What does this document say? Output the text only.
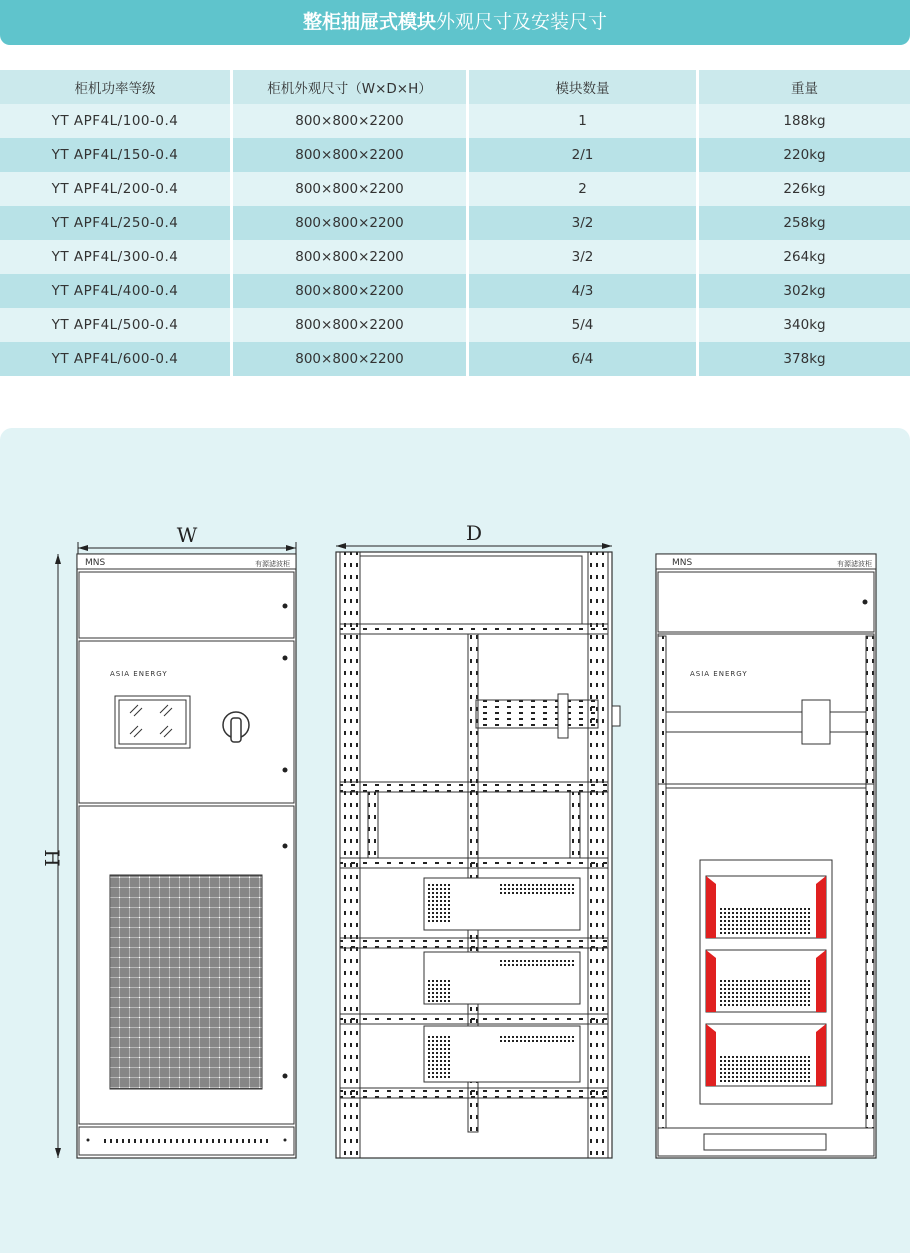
整柜抽屉式模块外观尺寸及安装尺寸
柜机功率等级	柜机外观尺寸（W×D×H）	模块数量	重量
YT APF4L/100-0.4	800×800×2200	1	188kg
YT APF4L/150-0.4	800×800×2200	2/1	220kg
YT APF4L/200-0.4	800×800×2200	2	226kg
YT APF4L/250-0.4	800×800×2200	3/2	258kg
YT APF4L/300-0.4	800×800×2200	3/2	264kg
YT APF4L/400-0.4	800×800×2200	4/3	302kg
YT APF4L/500-0.4	800×800×2200	5/4	340kg
YT APF4L/600-0.4	800×800×2200	6/4	378kg
W
H
MNS	有源滤波柜
ASIA ENERGY
D
MNS	有源滤波柜
ASIA ENERGY
